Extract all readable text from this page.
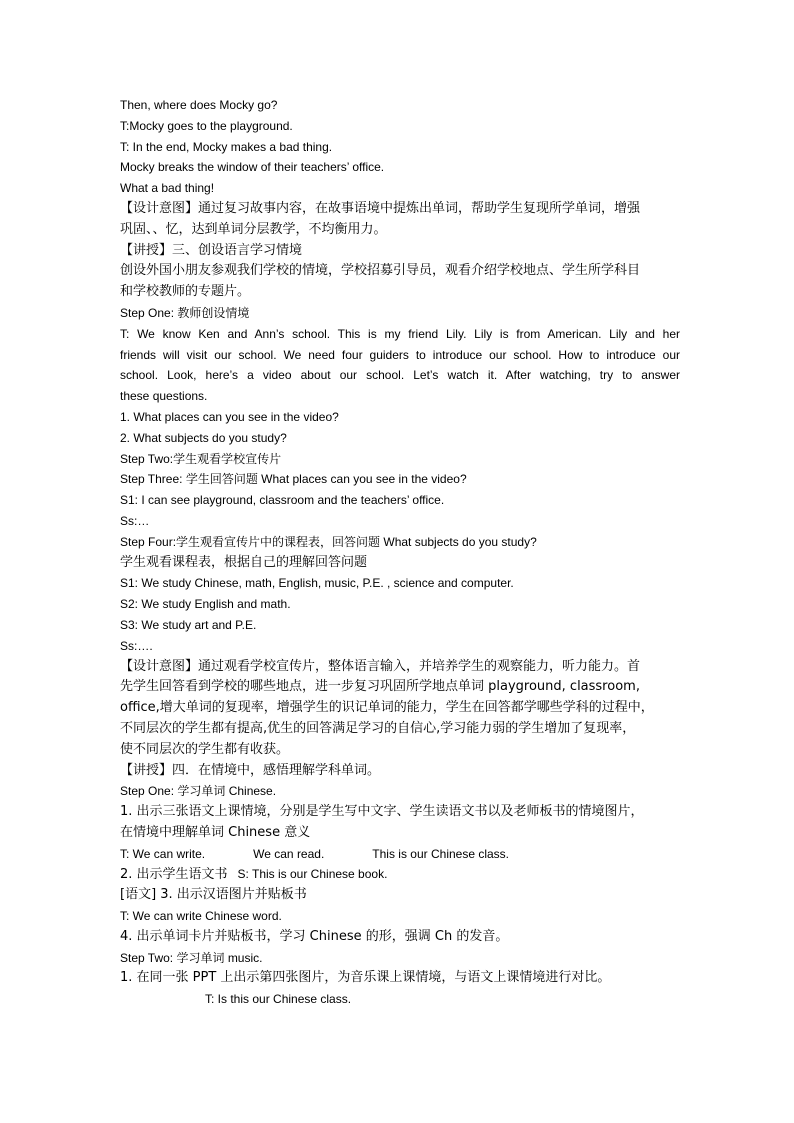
Then, where does Mocky go?
T:Mocky goes to the playground.
T: In the end, Mocky makes a bad thing.
Mocky breaks the window of their teachers’ office.
What a bad thing!
【设计意图】通过复习故事内容，在故事语境中提炼出单词，帮助学生复现所学单词，增强
巩固、、忆，达到单词分层教学，不均衡用力。
【讲授】三、创设语言学习情境
创设外国小朋友参观我们学校的情境，学校招募引导员，观看介绍学校地点、学生所学科目
和学校教师的专题片。
Step One: 教师创设情境
T: We know Ken and Ann’s school. This is my friend Lily. Lily is from American. Lily and her
friends will visit our school. We need four guiders to introduce our school. How to introduce our
school. Look, here’s a video about our school. Let’s watch it. After watching, try to answer
these questions.
1. What places can you see in the video?
2. What subjects do you study?
Step Two:学生观看学校宣传片
Step Three: 学生回答问题 What places can you see in the video?
S1: I can see playground, classroom and the teachers’ office.
Ss:…
Step Four:学生观看宣传片中的课程表，回答问题 What subjects do you study?
学生观看课程表，根据自己的理解回答问题
S1: We study Chinese, math, English, music, P.E. , science and computer.
S2: We study English and math.
S3: We study art and P.E.
Ss:….
【设计意图】通过观看学校宣传片，整体语言输入，并培养学生的观察能力，听力能力。首
先学生回答看到学校的哪些地点，进一步复习巩固所学地点单词 playground, classroom,
office,增大单词的复现率，增强学生的识记单词的能力，学生在回答都学哪些学科的过程中，
不同层次的学生都有提高,优生的回答满足学习的自信心,学习能力弱的学生增加了复现率，
使不同层次的学生都有收获。
【讲授】四．在情境中，感悟理解学科单词。
Step One: 学习单词 Chinese.
1. 出示三张语文上课情境，分别是学生写中文字、学生读语文书以及老师板书的情境图片，
在情境中理解单词 Chinese 意义
T: We can write.	We can read.	This is our Chinese class.
2. 出示学生语文书 S: This is our Chinese book.
[语文] 3. 出示汉语图片并贴板书
T: We can write Chinese word.
4. 出示单词卡片并贴板书，学习 Chinese 的形，强调 Ch 的发音。
Step Two: 学习单词 music.
1. 在同一张 PPT 上出示第四张图片，为音乐课上课情境，与语文上课情境进行对比。
T: Is this our Chinese class.
